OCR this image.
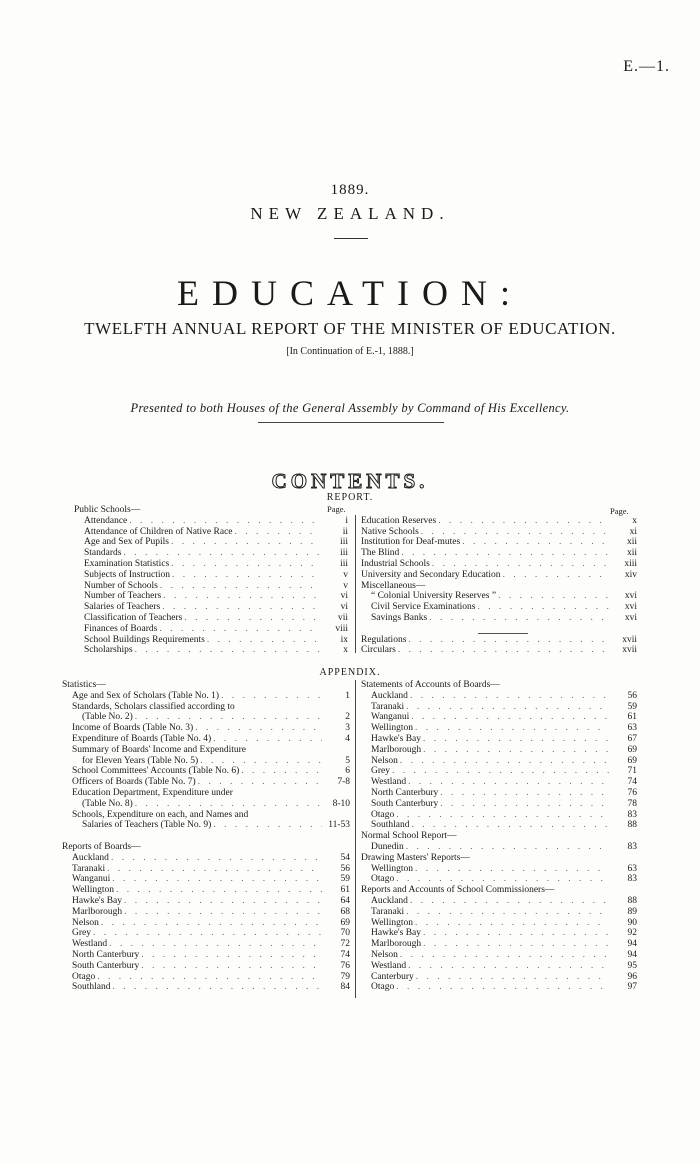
E.—1.
1889.
NEW ZEALAND.
EDUCATION:
TWELFTH ANNUAL REPORT OF THE MINISTER OF EDUCATION.
[In Continuation of E.-1, 1888.]
Presented to both Houses of the General Assembly by Command of His Excellency.
CONTENTS.
REPORT.
Page.	Page.
Public Schools—
Attendance . . .	i
Attendance of Children of Native Race . . .	ii
Age and Sex of Pupils . . .	iii
Standards . . .	iii
Examination Statistics . . .	iii
Subjects of Instruction . . .	v
Number of Schools . . .	v
Number of Teachers . . .	vi
Salaries of Teachers . . .	vi
Classification of Teachers . . .	vii
Finances of Boards . . .	viii
School Buildings Requirements . . .	ix
Scholarships . . .	x
Education Reserves . . .	x
Native Schools . . .	xi
Institution for Deaf-mutes . . .	xii
The Blind . . .	xii
Industrial Schools . . .	xiii
University and Secondary Education . . .	xiv
Miscellaneous—
“ Colonial University Reserves ” . . .	xvi
Civil Service Examinations . . .	xvi
Savings Banks . . .	xvi
Regulations . . .	xvii
Circulars . . .	xvii
APPENDIX.
Statistics—
Age and Sex of Scholars (Table No. 1) . . .	1
Standards, Scholars classified according to
(Table No. 2) . . .	2
Income of Boards (Table No. 3) . . .	3
Expenditure of Boards (Table No. 4) . . .	4
Summary of Boards' Income and Expenditure
for Eleven Years (Table No. 5) . . .	5
School Committees' Accounts (Table No. 6) . . .	6
Officers of Boards (Table No. 7) . . .	7-8
Education Department, Expenditure under
(Table No. 8) . . .	8-10
Schools, Expenditure on each, and Names and
Salaries of Teachers (Table No. 9) . . .	11-53
Reports of Boards—
Auckland . . .	54
Taranaki . . .	56
Wanganui . . .	59
Wellington . . .	61
Hawke's Bay . . .	64
Marlborough . . .	68
Nelson . . .	69
Grey . . .	70
Westland . . .	72
North Canterbury . . .	74
South Canterbury . . .	76
Otago . . .	79
Southland . . .	84
Statements of Accounts of Boards—
Auckland . . .	56
Taranaki . . .	59
Wanganui . . .	61
Wellington . . .	63
Hawke's Bay . . .	67
Marlborough . . .	69
Nelson . . .	69
Grey . . .	71
Westland . . .	74
North Canterbury . . .	76
South Canterbury . . .	78
Otago . . .	83
Southland . . .	88
Normal School Report—
Dunedin . . .	83
Drawing Masters' Reports—
Wellington . . .	63
Otago . . .	83
Reports and Accounts of School Commissioners—
Auckland . . .	88
Taranaki . . .	89
Wellington . . .	90
Hawke's Bay . . .	92
Marlborough . . .	94
Nelson . . .	94
Westland . . .	95
Canterbury . . .	96
Otago . . .	97
